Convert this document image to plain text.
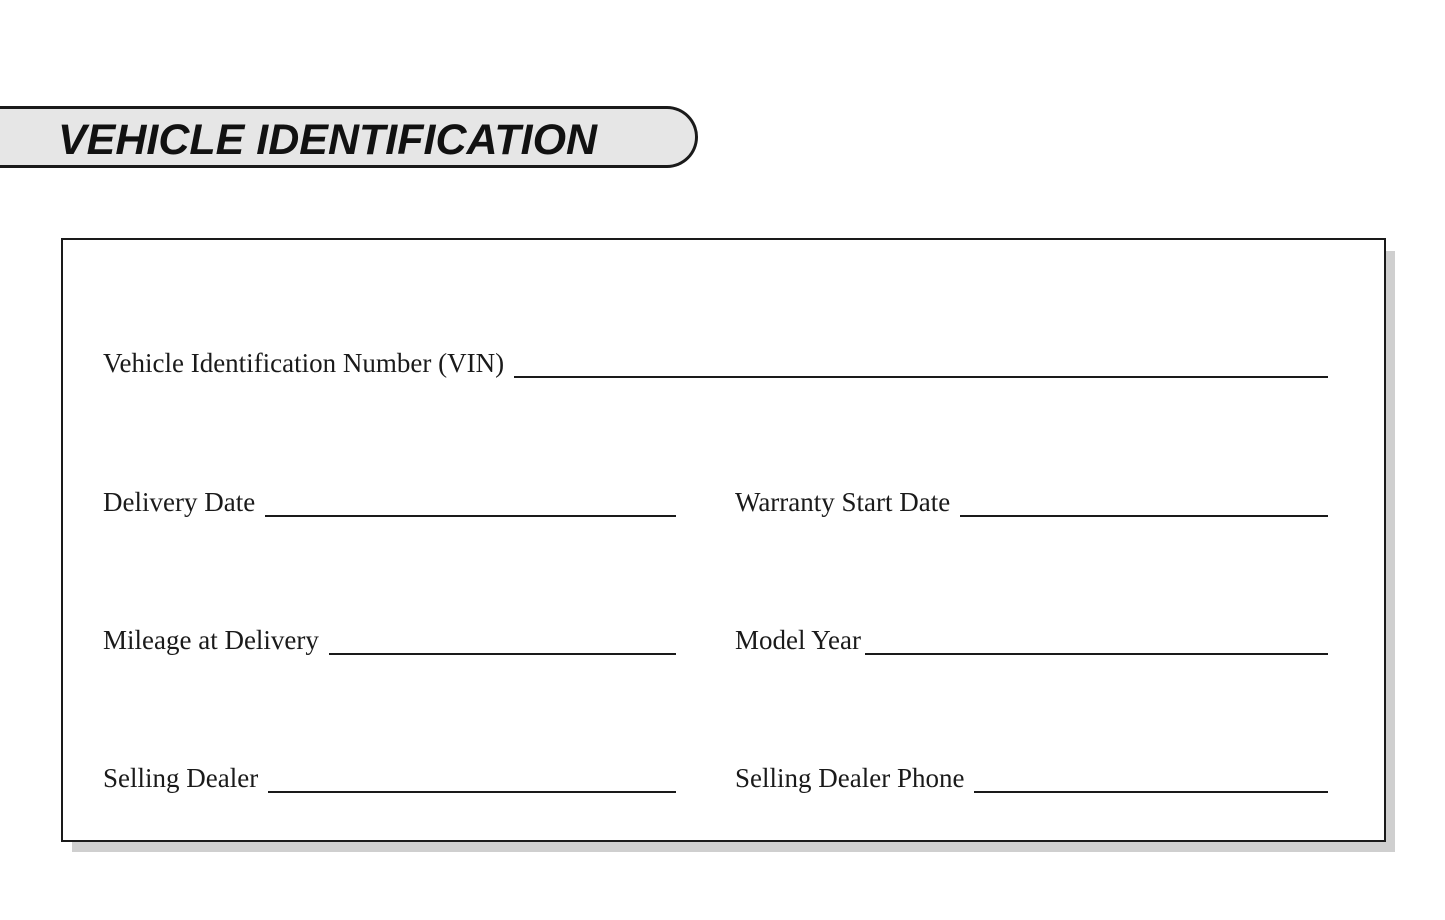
VEHICLE IDENTIFICATION
Vehicle Identification Number (VIN)
Delivery Date	Warranty Start Date
Mileage at Delivery	Model Year
Selling Dealer	Selling Dealer Phone
